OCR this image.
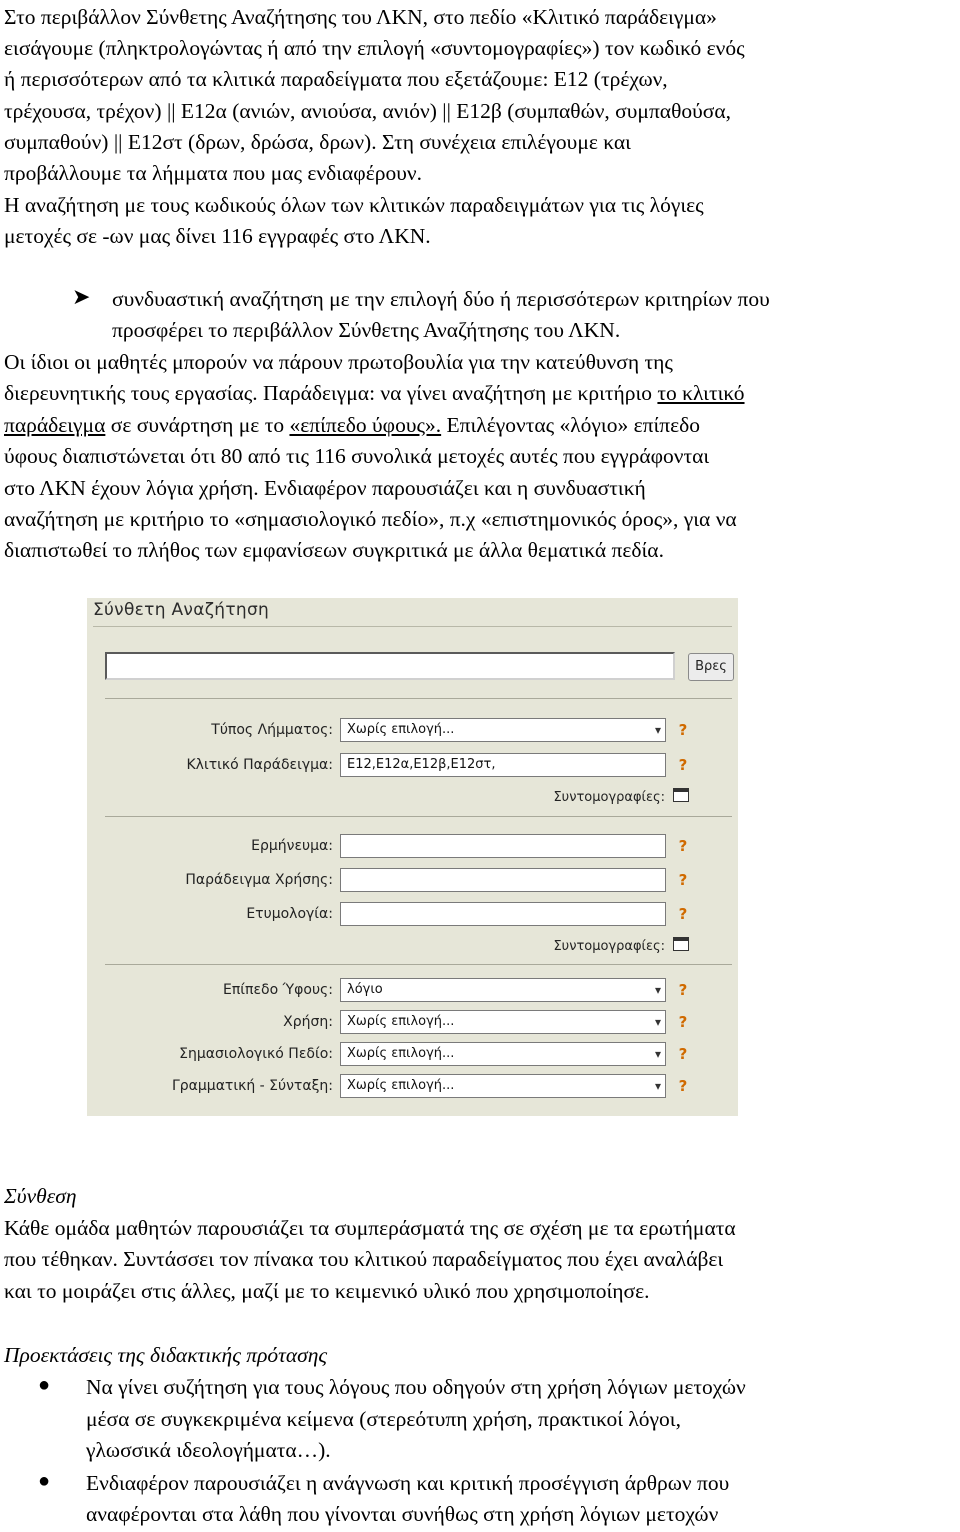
Στο περιβάλλον Σύνθετης Αναζήτησης του ΛΚΝ, στο πεδίο «Κλιτικό παράδειγμα»
εισάγουμε (πληκτρολογώντας ή από την επιλογή «συντομογραφίες») τον κωδικό ενός
ή περισσότερων από τα κλιτικά παραδείγματα που εξετάζουμε: Ε12 (τρέχων,
τρέχουσα, τρέχον) || Ε12α (ανιών, ανιούσα, ανιόν) || Ε12β (συμπαθών, συμπαθούσα,
συμπαθούν) || Ε12στ (δρων, δρώσα, δρων). Στη συνέχεια επιλέγουμε και
προβάλλουμε τα λήμματα που μας ενδιαφέρουν.
Η αναζήτηση με τους κωδικούς όλων των κλιτικών παραδειγμάτων για τις λόγιες
μετοχές σε -ων μας δίνει 116 εγγραφές στο ΛΚΝ.
➤ συνδυαστική αναζήτηση με την επιλογή δύο ή περισσότερων κριτηρίων που
προσφέρει το περιβάλλον Σύνθετης Αναζήτησης του ΛΚΝ.
Οι ίδιοι οι μαθητές μπορούν να πάρουν πρωτοβουλία για την κατεύθυνση της
διερευνητικής τους εργασίας. Παράδειγμα: να γίνει αναζήτηση με κριτήριο το κλιτικό
παράδειγμα σε συνάρτηση με το «επίπεδο ύφους». Επιλέγοντας «λόγιο» επίπεδο
ύφους διαπιστώνεται ότι 80 από τις 116 συνολικά μετοχές αυτές που εγγράφονται
στο ΛΚΝ έχουν λόγια χρήση. Ενδιαφέρον παρουσιάζει και η συνδυαστική
αναζήτηση με κριτήριο το «σημασιολογικό πεδίο», π.χ «επιστημονικός όρος», για να
διαπιστωθεί το πλήθος των εμφανίσεων συγκριτικά με άλλα θεματικά πεδία.
Σύνθετη Αναζήτηση
Βρες
Τύπος Λήμματος:	Χωρίς επιλογή... ▾	?
Κλιτικό Παράδειγμα:	Ε12,Ε12α,Ε12β,Ε12στ,	?
Συντομογραφίες:
Ερμήνευμα:	?
Παράδειγμα Χρήσης:	?
Ετυμολογία:	?
Συντομογραφίες:
Επίπεδο Ύφους:	λόγιο ▾	?
Χρήση:	Χωρίς επιλογή... ▾	?
Σημασιολογικό Πεδίο:	Χωρίς επιλογή... ▾	?
Γραμματική - Σύνταξη:	Χωρίς επιλογή... ▾	?
Σύνθεση
Κάθε ομάδα μαθητών παρουσιάζει τα συμπεράσματά της σε σχέση με τα ερωτήματα
που τέθηκαν. Συντάσσει τον πίνακα του κλιτικού παραδείγματος που έχει αναλάβει
και το μοιράζει στις άλλες, μαζί με το κειμενικό υλικό που χρησιμοποίησε.
Προεκτάσεις της διδακτικής πρότασης
● Να γίνει συζήτηση για τους λόγους που οδηγούν στη χρήση λόγιων μετοχών
μέσα σε συγκεκριμένα κείμενα (στερεότυπη χρήση, πρακτικοί λόγοι,
γλωσσικά ιδεολογήματα…).
● Ενδιαφέρον παρουσιάζει η ανάγνωση και κριτική προσέγγιση άρθρων που
αναφέρονται στα λάθη που γίνονται συνήθως στη χρήση λόγιων μετοχών
